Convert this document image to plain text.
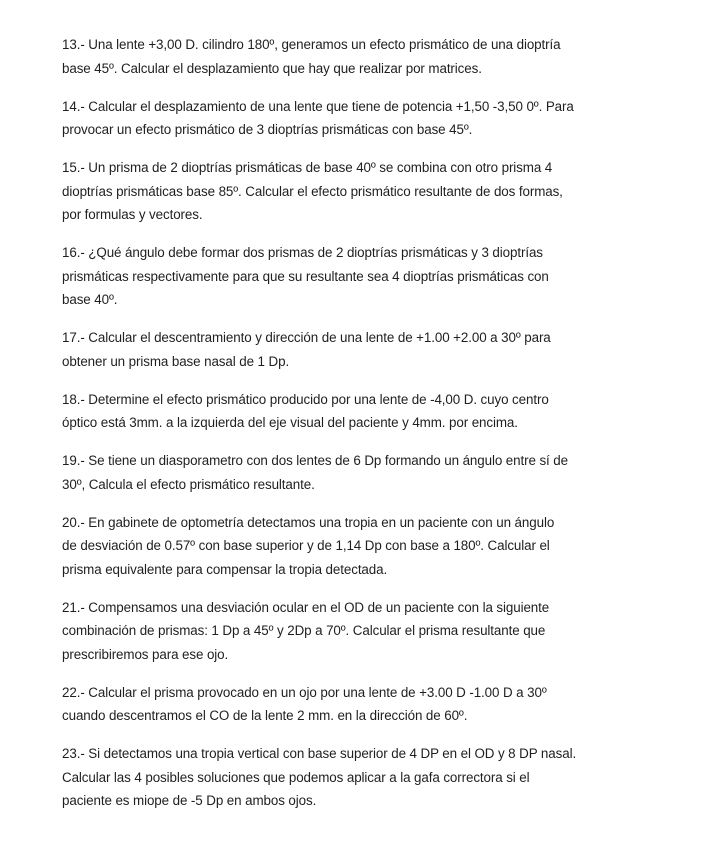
13.- Una lente +3,00 D. cilindro 180º, generamos un efecto prismático de una dioptría
base 45º. Calcular el desplazamiento que hay que realizar por matrices.
14.- Calcular el desplazamiento de una lente que tiene de potencia +1,50 -3,50 0º. Para
provocar un efecto prismático de 3 dioptrías prismáticas con base 45º.
15.- Un prisma de 2 dioptrías prismáticas de base 40º se combina con otro prisma 4
dioptrías prismáticas base 85º. Calcular el efecto prismático resultante de dos formas,
por formulas y vectores.
16.- ¿Qué ángulo debe formar dos prismas de 2 dioptrías prismáticas y 3 dioptrías
prismáticas respectivamente para que su resultante sea 4 dioptrías prismáticas con
base 40º.
17.- Calcular el descentramiento y dirección de una lente de +1.00 +2.00 a 30º para
obtener un prisma base nasal de 1 Dp.
18.- Determine el efecto prismático producido por una lente de -4,00 D. cuyo centro
óptico está 3mm. a la izquierda del eje visual del paciente y 4mm. por encima.
19.- Se tiene un diasporametro con dos lentes de 6 Dp formando un ángulo entre sí de
30º, Calcula el efecto prismático resultante.
20.- En gabinete de optometría detectamos una tropia en un paciente con un ángulo
de desviación de 0.57º con base superior y de 1,14 Dp con base a 180º. Calcular el
prisma equivalente para compensar la tropia detectada.
21.- Compensamos una desviación ocular en el OD de un paciente con la siguiente
combinación de prismas: 1 Dp a 45º y 2Dp a 70º. Calcular el prisma resultante que
prescribiremos para ese ojo.
22.- Calcular el prisma provocado en un ojo por una lente de +3.00 D -1.00 D a 30º
cuando descentramos el CO de la lente 2 mm. en la dirección de 60º.
23.- Si detectamos una tropia vertical con base superior de 4 DP en el OD y 8 DP nasal.
Calcular las 4 posibles soluciones que podemos aplicar a la gafa correctora si el
paciente es miope de -5 Dp en ambos ojos.
